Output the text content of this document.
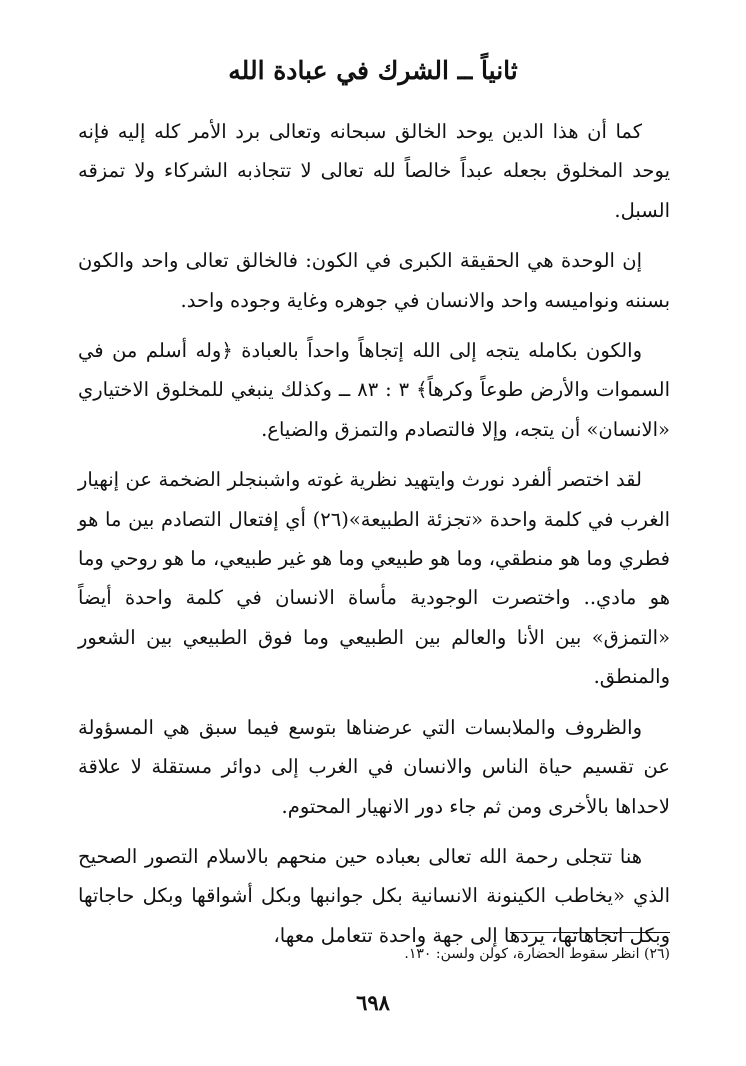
ثانياً ــ الشرك في عبادة الله

كما أن هذا الدين يوحد الخالق سبحانه وتعالى برد الأمر كله إليه فإنه يوحد المخلوق بجعله عبداً خالصاً لله تعالى لا تتجاذبه الشركاء ولا تمزقه السبل.

إن الوحدة هي الحقيقة الكبرى في الكون: فالخالق تعالى واحد والكون بسننه ونواميسه واحد والانسان في جوهره وغاية وجوده واحد.

والكون بكامله يتجه إلى الله إتجاهاً واحداً بالعبادة ﴿وله أسلم من في السموات والأرض طوعاً وكرهاً﴾ ٣ : ٨٣ ــ وكذلك ينبغي للمخلوق الاختياري «الانسان» أن يتجه، وإلا فالتصادم والتمزق والضياع.

لقد اختصر ألفرد نورث وايتهيد نظرية غوته واشبنجلر الضخمة عن إنهيار الغرب في كلمة واحدة «تجزئة الطبيعة»(٢٦) أي إفتعال التصادم بين ما هو فطري وما هو منطقي، وما هو طبيعي وما هو غير طبيعي، ما هو روحي وما هو مادي.. واختصرت الوجودية مأساة الانسان في كلمة واحدة أيضاً «التمزق» بين الأنا والعالم بين الطبيعي وما فوق الطبيعي بين الشعور والمنطق.

والظروف والملابسات التي عرضناها بتوسع فيما سبق هي المسؤولة عن تقسيم حياة الناس والانسان في الغرب إلى دوائر مستقلة لا علاقة لاحداها بالأخرى ومن ثم جاء دور الانهيار المحتوم.

هنا تتجلى رحمة الله تعالى بعباده حين منحهم بالاسلام التصور الصحيح الذي «يخاطب الكينونة الانسانية بكل جوانبها وبكل أشواقها وبكل حاجاتها وبكل اتجاهاتها، يردها إلى جهة واحدة تتعامل معها،

(٢٦) انظر سقوط الحضارة، كولن ولسن: ١٣٠.
٦٩٨
